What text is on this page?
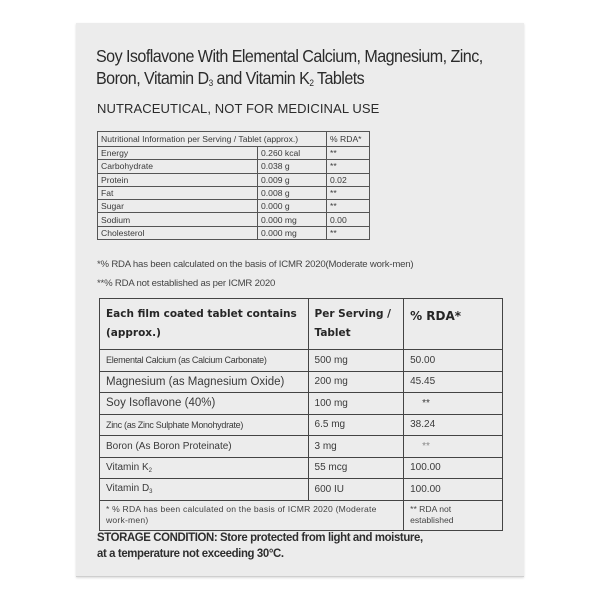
Soy Isoflavone With Elemental Calcium, Magnesium, Zinc,
Boron, Vitamin $D_3$ and Vitamin $K_2$ Tablets
NUTRACEUTICAL, NOT FOR MEDICINAL USE
Nutritional Information per Serving / Tablet (approx.)		% RDA*
Energy	0.260 kcal	**
Carbohydrate	0.038 g	**
Protein	0.009 g	0.02
Fat	0.008 g	**
Sugar	0.000 g	**
Sodium	0.000 mg	0.00
Cholesterol	0.000 mg	**
*% RDA has been calculated on the basis of ICMR 2020(Moderate work-men)
**% RDA not established as per ICMR 2020
Each film coated tablet contains (approx.)	Per Serving / Tablet	% RDA*
Elemental Calcium (as Calcium Carbonate)	500 mg	50.00
Magnesium (as Magnesium Oxide)	200 mg	45.45
Soy Isoflavone (40%)	100 mg	**
Zinc (as Zinc Sulphate Monohydrate)	6.5 mg	38.24
Boron (As Boron Proteinate)	3 mg	**
Vitamin $K_2$	55 mcg	100.00
Vitamin $D_3$	600 IU	100.00
* % RDA has been calculated on the basis of ICMR 2020 (Moderate work-men)		** RDA not established
STORAGE CONDITION: Store protected from light and moisture,
at a temperature not exceeding 30°C.
